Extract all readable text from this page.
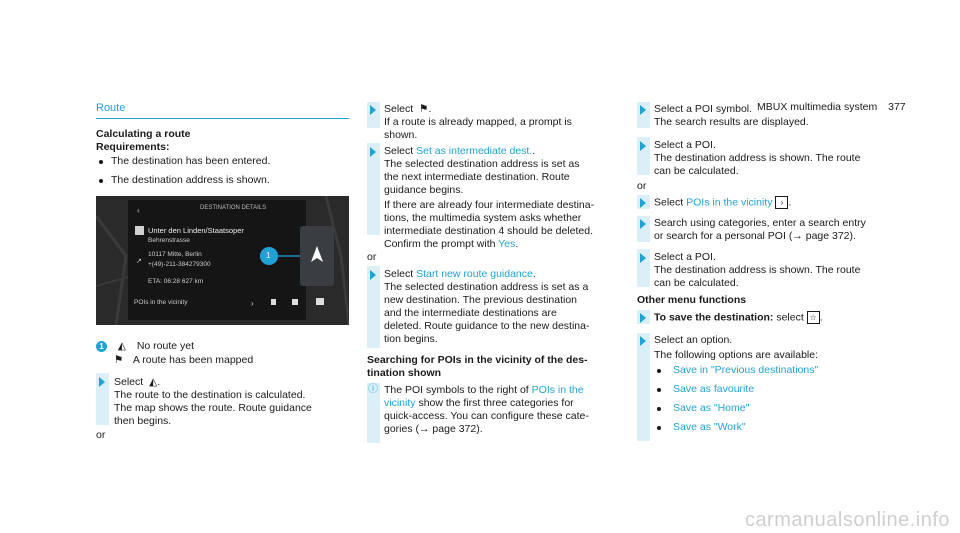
MBUX multimedia system 377
Route
Calculating a route
Requirements:
The destination has been entered.
The destination address is shown.
‹	DESTINATION DETAILS
Unter den Linden/Staatsoper
Behrenstrasse
10117 Mitte, Berlin
↗ +(49)-211-384279300
ETA: 06:28 627 km
POIs in the vicinity	›
1
1 ◭ No route yet
⚑ A route has been mapped
Select ◭.
The route to the destination is calculated.
The map shows the route. Route guidance
then begins.
or
Select ⚑.
If a route is already mapped, a prompt is
shown.
Select Set as intermediate dest..
The selected destination address is set as
the next intermediate destination. Route
guidance begins.
If there are already four intermediate destina-
tions, the multimedia system asks whether
intermediate destination 4 should be deleted.
Confirm the prompt with Yes.
or
Select Start new route guidance.
The selected destination address is set as a
new destination. The previous destination
and the intermediate destinations are
deleted. Route guidance to the new destina-
tion begins.
Searching for POIs in the vicinity of the des-
tination shown
ⓘ The POI symbols to the right of POIs in the
vicinity show the first three categories for
quick-access. You can configure these cate-
gories (→ page 372).
Select a POI symbol.
The search results are displayed.
Select a POI.
The destination address is shown. The route
can be calculated.
or
Select POIs in the vicinity › .
Search using categories, enter a search entry
or search for a personal POI (→ page 372).
Select a POI.
The destination address is shown. The route
can be calculated.
Other menu functions
To save the destination: select ☆ .
Select an option.
The following options are available:
Save in "Previous destinations"
Save as favourite
Save as "Home"
Save as "Work"
carmanualsonline.info
